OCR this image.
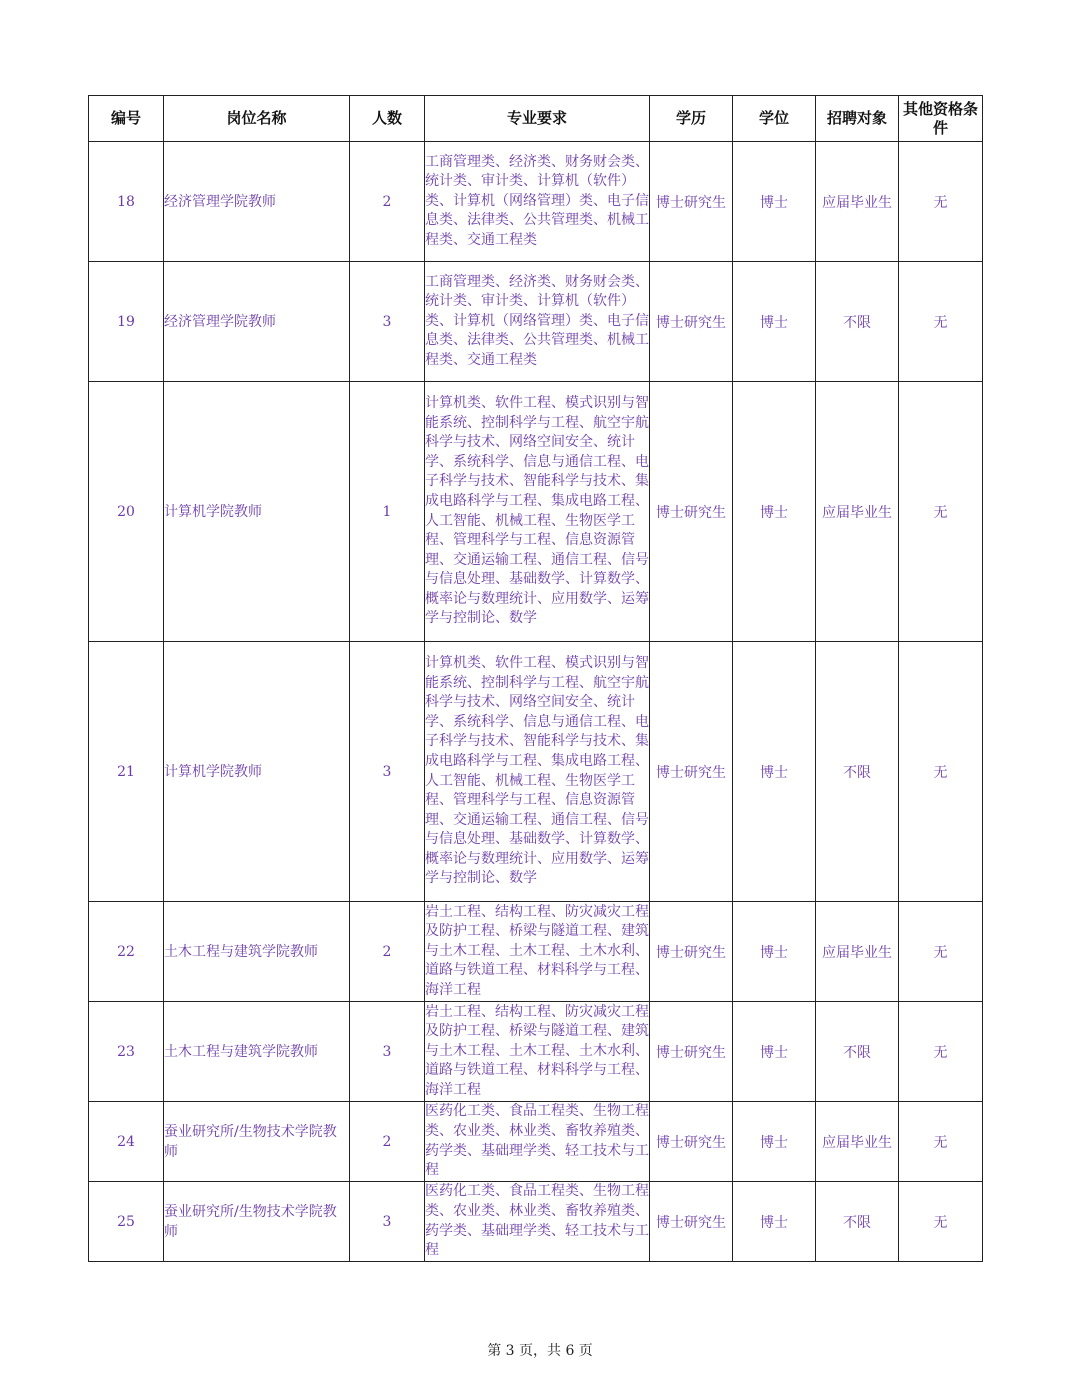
编号	岗位名称	人数	专业要求	学历	学位	招聘对象	其他资格条件
18	经济管理学院教师	2	工商管理类、经济类、财务财会类、统计类、审计类、计算机（软件）类、计算机（网络管理）类、电子信息类、法律类、公共管理类、机械工程类、交通工程类	博士研究生	博士	应届毕业生	无
19	经济管理学院教师	3	工商管理类、经济类、财务财会类、统计类、审计类、计算机（软件）类、计算机（网络管理）类、电子信息类、法律类、公共管理类、机械工程类、交通工程类	博士研究生	博士	不限	无
20	计算机学院教师	1	计算机类、软件工程、模式识别与智能系统、控制科学与工程、航空宇航科学与技术、网络空间安全、统计学、系统科学、信息与通信工程、电子科学与技术、智能科学与技术、集成电路科学与工程、集成电路工程、人工智能、机械工程、生物医学工程、管理科学与工程、信息资源管理、交通运输工程、通信工程、信号与信息处理、基础数学、计算数学、概率论与数理统计、应用数学、运筹学与控制论、数学	博士研究生	博士	应届毕业生	无
21	计算机学院教师	3	计算机类、软件工程、模式识别与智能系统、控制科学与工程、航空宇航科学与技术、网络空间安全、统计学、系统科学、信息与通信工程、电子科学与技术、智能科学与技术、集成电路科学与工程、集成电路工程、人工智能、机械工程、生物医学工程、管理科学与工程、信息资源管理、交通运输工程、通信工程、信号与信息处理、基础数学、计算数学、概率论与数理统计、应用数学、运筹学与控制论、数学	博士研究生	博士	不限	无
22	土木工程与建筑学院教师	2	岩土工程、结构工程、防灾减灾工程及防护工程、桥梁与隧道工程、建筑与土木工程、土木工程、土木水利、道路与铁道工程、材料科学与工程、海洋工程	博士研究生	博士	应届毕业生	无
23	土木工程与建筑学院教师	3	岩土工程、结构工程、防灾减灾工程及防护工程、桥梁与隧道工程、建筑与土木工程、土木工程、土木水利、道路与铁道工程、材料科学与工程、海洋工程	博士研究生	博士	不限	无
24	蚕业研究所/生物技术学院教师	2	医药化工类、食品工程类、生物工程类、农业类、林业类、畜牧养殖类、药学类、基础理学类、轻工技术与工程	博士研究生	博士	应届毕业生	无
25	蚕业研究所/生物技术学院教师	3	医药化工类、食品工程类、生物工程类、农业类、林业类、畜牧养殖类、药学类、基础理学类、轻工技术与工程	博士研究生	博士	不限	无
第 3 页，共 6 页
